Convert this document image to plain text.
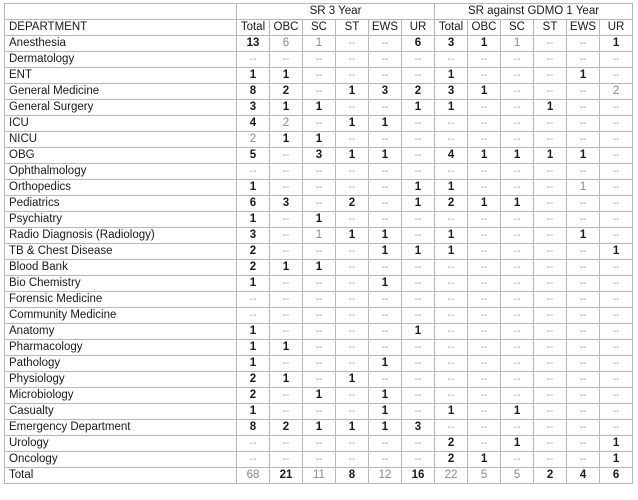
	SR 3 Year						SR against GDMO 1 Year					
DEPARTMENT	Total	OBC	SC	ST	EWS	UR	Total	OBC	SC	ST	EWS	UR
Anesthesia	13	6	1	--	--	6	3	1	1	--	--	1
Dermatology	--	--	--	--	--	--	--	--	--	--	--	--
ENT	1	1	--	--	--	--	1	--	--	--	1	--
General Medicine	8	2	--	1	3	2	3	1	--	--	--	2
General Surgery	3	1	1	--	--	1	1	--	--	1	--	--
ICU	4	2	--	1	1	--	--	--	--	--	--	--
NICU	2	1	1	--	--	--	--	--	--	--	--	--
OBG	5	--	3	1	1	--	4	1	1	1	1	--
Ophthalmology	--	--	--	--	--	--	--	--	--	--	--	--
Orthopedics	1	--	--	--	--	1	1	--	--	--	1	--
Pediatrics	6	3	--	2	--	1	2	1	1	--	--	--
Psychiatry	1	--	1	--	--	--	--	--	--	--	--	--
Radio Diagnosis (Radiology)	3	--	1	1	1	--	1	--	--	--	1	--
TB & Chest Disease	2	--	--	--	1	1	1	--	--	--	--	1
Blood Bank	2	1	1	--	--	--	--	--	--	--	--	--
Bio Chemistry	1	--	--	--	1	--	--	--	--	--	--	--
Forensic Medicine	--	--	--	--	--	--	--	--	--	--	--	--
Community Medicine	--	--	--	--	--	--	--	--	--	--	--	--
Anatomy	1	--	--	--	--	1	--	--	--	--	--	--
Pharmacology	1	1	--	--	--	--	--	--	--	--	--	--
Pathology	1	--	--	--	1	--	--	--	--	--	--	--
Physiology	2	1	--	1	--	--	--	--	--	--	--	--
Microbiology	2	--	1	--	1	--	--	--	--	--	--	--
Casualty	1	--	--	--	1	--	1	--	1	--	--	--
Emergency Department	8	2	1	1	1	3	--	--	--	--	--	--
Urology	--	--	--	--	--	--	2	--	1	--	--	1
Oncology	--	--	--	--	--	--	2	1	--	--	--	1
Total	68	21	11	8	12	16	22	5	5	2	4	6
